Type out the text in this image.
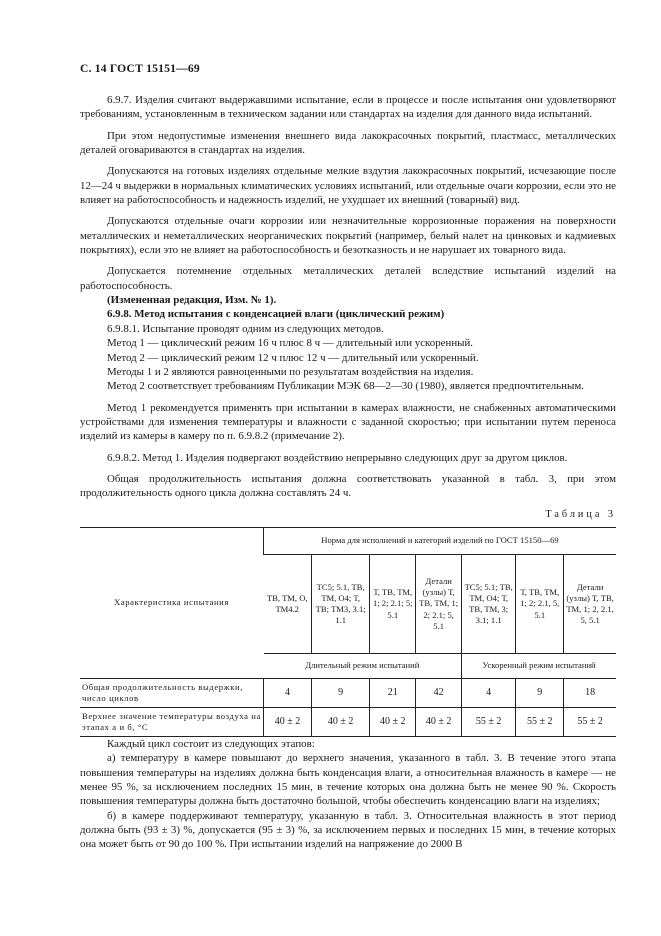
С. 14 ГОСТ 15151—69

6.9.7. Изделия считают выдержавшими испытание, если в процессе и после испытания они удовлетворяют требованиям, установленным в техническом задании или стандартах на изделия для данного вида испытаний.

При этом недопустимые изменения внешнего вида лакокрасочных покрытий, пластмасс, металлических деталей оговариваются в стандартах на изделия.

Допускаются на готовых изделиях отдельные мелкие вздутия лакокрасочных покрытий, исчезающие после 12—24 ч выдержки в нормальных климатических условиях испытаний, или отдельные очаги коррозии, если это не влияет на работоспособность и надежность изделий, не ухудшает их внешний (товарный) вид.

Допускаются отдельные очаги коррозии или незначительные коррозионные поражения на поверхности металлических и неметаллических неорганических покрытий (например, белый налет на цинковых и кадмиевых покрытиях), если это не влияет на работоспособность и безотказность и не нарушает их товарного вида.

Допускается потемнение отдельных металлических деталей вследствие испытаний изделий на работоспособность.

(Измененная редакция, Изм. № 1).

6.9.8. Метод испытания с конденсацией влаги (циклический режим)

6.9.8.1. Испытание проводят одним из следующих методов.

Метод 1 — циклический режим 16 ч плюс 8 ч — длительный или ускоренный.

Метод 2 — циклический режим 12 ч плюс 12 ч — длительный или ускоренный.

Методы 1 и 2 являются равноценными по результатам воздействия на изделия.

Метод 2 соответствует требованиям Публикации МЭК 68—2—30 (1980), является предпочтительным.

Метод 1 рекомендуется применять при испытании в камерах влажности, не снабженных автоматическими устройствами для изменения температуры и влажности с заданной скоростью; при испытании путем переноса изделий из камеры в камеру по п. 6.9.8.2 (примечание 2).

6.9.8.2. Метод 1. Изделия подвергают воздействию непрерывно следующих друг за другом циклов.

Общая продолжительность испытания должна соответствовать указанной в табл. 3, при этом продолжительность одного цикла должна составлять 24 ч.

Таблица 3
Характеристика испытания	Норма для исполнений и категорий изделий по ГОСТ 15150—69						
	ТВ, ТМ, О, ТМ4.2	ТС5; 5.1, ТВ, ТМ, О4; Т, ТВ; ТМ3, 3.1; 1.1	Т, ТВ, ТМ, 1; 2; 2.1; 5; 5.1	Детали (узлы) Т, ТВ, ТМ, 1; 2; 2.1; 5, 5.1	ТС5; 5.1; ТВ, ТМ, О4; Т, ТВ, ТМ, 3; 3.1; 1.1	Т, ТВ, ТМ, 1; 2; 2.1, 5, 5.1	Детали (узлы) Т, ТВ, ТМ, 1; 2, 2.1, 5, 5.1
	Длительный режим испытаний				Ускоренный режим испытаний		
Общая продолжительность выдержки, число циклов	4	9	21	42	4	9	18
Верхнее значение температуры воздуха на этапах а и б, °С	40 ± 2	40 ± 2	40 ± 2	40 ± 2	55 ± 2	55 ± 2	55 ± 2

Каждый цикл состоит из следующих этапов:

а) температуру в камере повышают до верхнего значения, указанного в табл. 3. В течение этого этапа повышения температуры на изделиях должна быть конденсация влаги, а относительная влажность в камере — не менее 95 %, за исключением последних 15 мин, в течение которых она должна быть не менее 90 %. Скорость повышения температуры должна быть достаточно большой, чтобы обеспечить конденсацию влаги на изделиях;

б) в камере поддерживают температуру, указанную в табл. 3. Относительная влажность в этот период должна быть (93 ± 3) %, допускается (95 ± 3) %, за исключением первых и последних 15 мин, в течение которых она может быть от 90 до 100 %. При испытании изделий на напряжение до 2000 В
